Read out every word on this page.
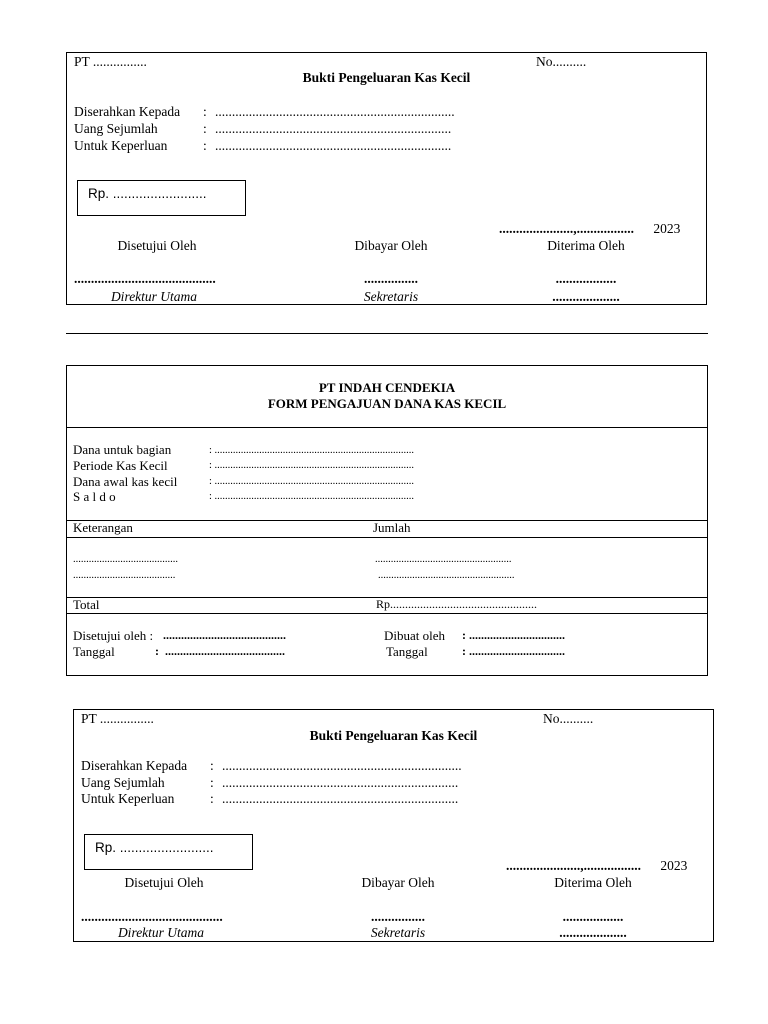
PT ................	No..........
Bukti Pengeluaran Kas Kecil
Diserahkan Kepada : .......................................................................
Uang Sejumlah	: ......................................................................
Untuk Keperluan	: ......................................................................
Rp. .........................
......................,................. 2023
Disetujui Oleh	Dibayar Oleh	Diterima Oleh
..........................................	................	..................
Direktur Utama	Sekretaris	....................
PT INDAH CENDEKIA
FORM PENGAJUAN DANA KAS KECIL
Dana untuk bagian	: ............................................................................
Periode Kas Kecil	: ............................................................................
Dana awal kas kecil	: ............................................................................
S a l d o	: ............................................................................
Keterangan	Jumlah
........................................	....................................................
.......................................	....................................................
Total	Rp.................................................
Disetujui oleh : .........................................	Dibuat oleh : ................................
Tanggal	:  ........................................	Tanggal	: ................................
PT ................	No..........
Bukti Pengeluaran Kas Kecil
Diserahkan Kepada : .......................................................................
Uang Sejumlah	: ......................................................................
Untuk Keperluan	: ......................................................................
Rp. .........................
......................,................. 2023
Disetujui Oleh	Dibayar Oleh	Diterima Oleh
..........................................	................	..................
Direktur Utama	Sekretaris	....................
